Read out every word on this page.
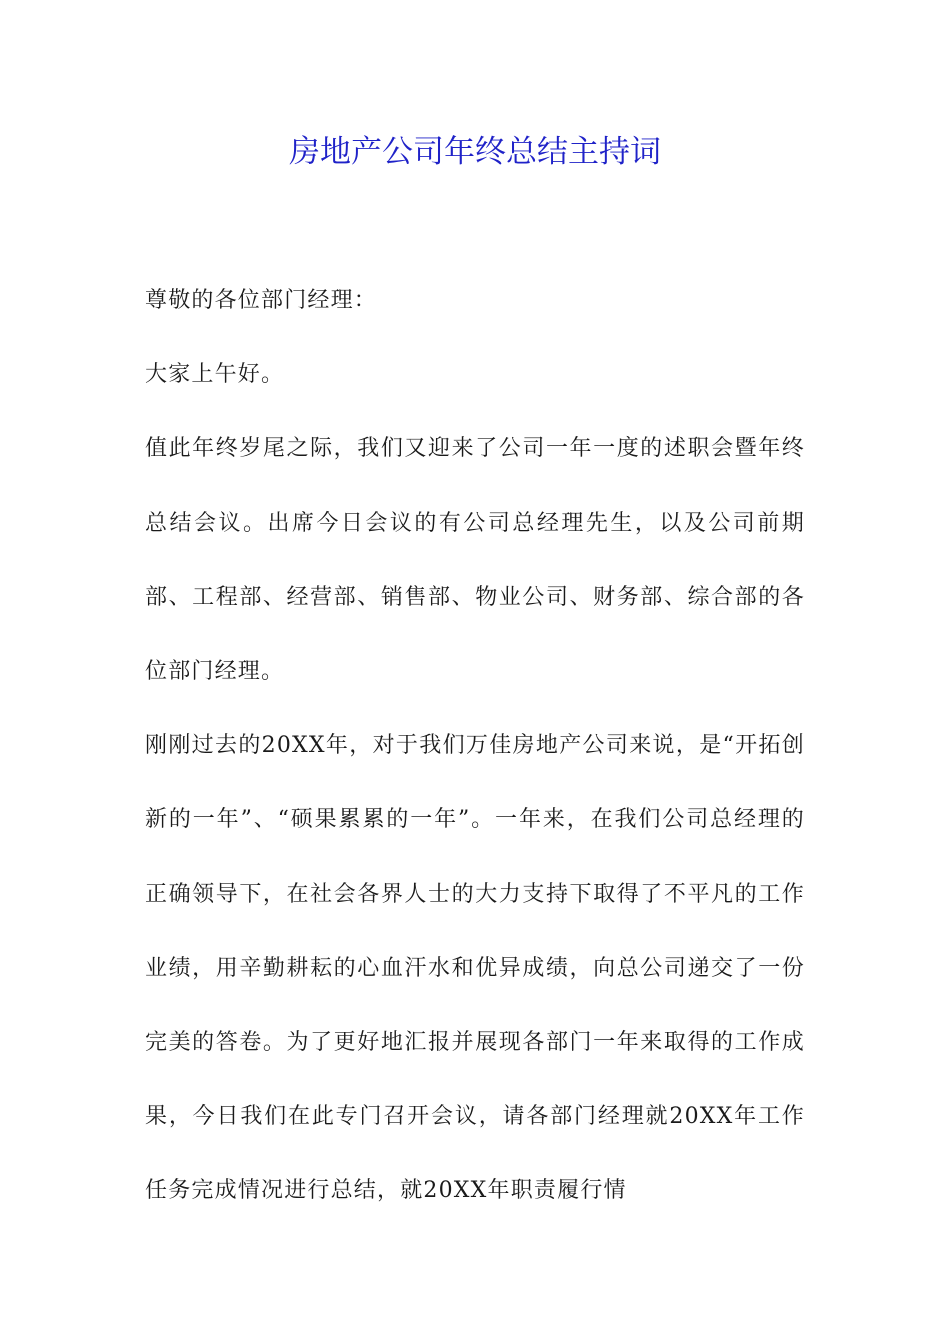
房地产公司年终总结主持词

尊敬的各位部门经理：

大家上午好。

值此年终岁尾之际，我们又迎来了公司一年一度的述职会暨年终总结会议。出席今日会议的有公司总经理先生，以及公司前期部、工程部、经营部、销售部、物业公司、财务部、综合部的各位部门经理。

刚刚过去的20XX年，对于我们万佳房地产公司来说，是“开拓创新的一年”、“硕果累累的一年”。一年来，在我们公司总经理的正确领导下，在社会各界人士的大力支持下取得了不平凡的工作业绩，用辛勤耕耘的心血汗水和优异成绩，向总公司递交了一份完美的答卷。为了更好地汇报并展现各部门一年来取得的工作成果，今日我们在此专门召开会议，请各部门经理就20XX年工作任务完成情况进行总结，就20XX年职责履行情
